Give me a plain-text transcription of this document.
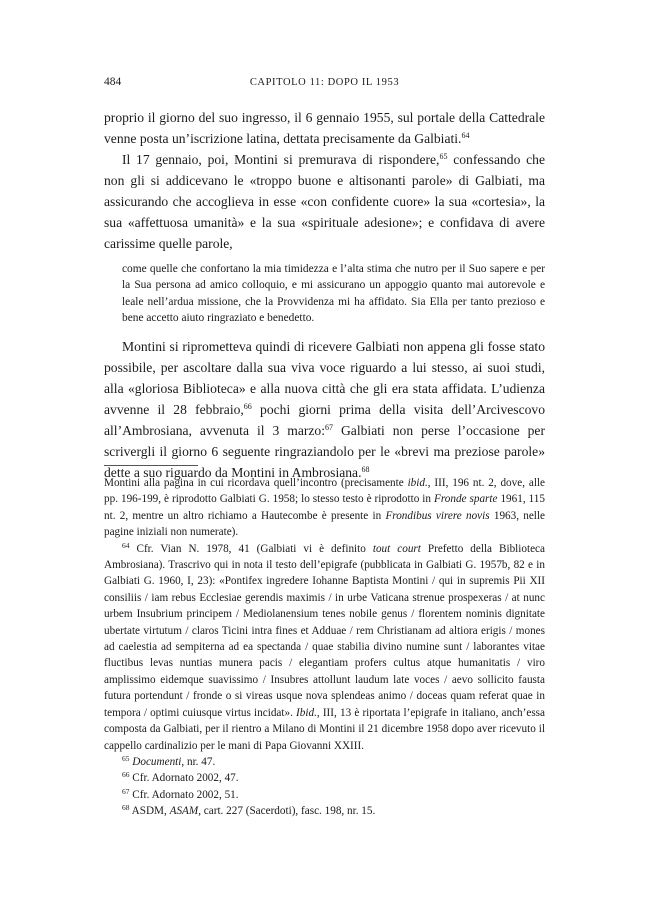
484	CAPITOLO 11: DOPO IL 1953

proprio il giorno del suo ingresso, il 6 gennaio 1955, sul portale della Cattedrale venne posta un’iscrizione latina, dettata precisamente da Galbiati.$^{64}$

Il 17 gennaio, poi, Montini si premurava di rispondere,$^{65}$ confessando che non gli si addicevano le «troppo buone e altisonanti parole» di Galbiati, ma assicurando che accoglieva in esse «con confidente cuore» la sua «cortesia», la sua «affettuosa umanità» e la sua «spirituale adesione»; e confidava di avere carissime quelle parole,

come quelle che confortano la mia timidezza e l’alta stima che nutro per il Suo sapere e per la Sua persona ad amico colloquio, e mi assicurano un appoggio quanto mai autorevole e leale nell’ardua missione, che la Provvidenza mi ha affidato. Sia Ella per tanto prezioso e bene accetto aiuto ringraziato e benedetto.

Montini si riprometteva quindi di ricevere Galbiati non appena gli fosse stato possibile, per ascoltare dalla sua viva voce riguardo a lui stesso, ai suoi studi, alla «gloriosa Biblioteca» e alla nuova città che gli era stata affidata. L’udienza avvenne il 28 febbraio,$^{66}$ pochi giorni prima della visita dell’Arcivescovo all’Ambrosiana, avvenuta il 3 marzo:$^{67}$ Galbiati non perse l’occasione per scrivergli il giorno 6 seguente ringraziandolo per le «brevi ma preziose parole» dette a suo riguardo da Montini in Ambrosiana.$^{68}$

Montini alla pagina in cui ricordava quell’incontro (precisamente ibid., III, 196 nt. 2, dove, alle pp. 196-199, è riprodotto Galbiati G. 1958; lo stesso testo è riprodotto in Fronde sparte 1961, 115 nt. 2, mentre un altro richiamo a Hautecombe è presente in Frondibus virere novis 1963, nelle pagine iniziali non numerate).

$^{64}$ Cfr. Vian N. 1978, 41 (Galbiati vi è definito tout court Prefetto della Biblioteca Ambrosiana). Trascrivo qui in nota il testo dell’epigrafe (pubblicata in Galbiati G. 1957b, 82 e in Galbiati G. 1960, I, 23): «Pontifex ingredere Iohanne Baptista Montini / qui in supremis Pii XII consiliis / iam rebus Ecclesiae gerendis maximis / in urbe Vaticana strenue prospexeras / at nunc urbem Insubrium principem / Mediolanensium tenes nobile genus / florentem nominis dignitate ubertate virtutum / claros Ticini intra fines et Adduae / rem Christianam ad altiora erigis / mones ad caelestia ad sempiterna ad ea spectanda / quae stabilia divino numine sunt / laborantes vitae fluctibus levas nuntias munera pacis / elegantiam profers cultus atque humanitatis / viro amplissimo eidemque suavissimo / Insubres attollunt laudum late voces / aevo sollicito fausta futura portendunt / fronde o si vireas usque nova splendeas animo / doceas quam referat quae in tempora / optimi cuiusque virtus incidat». Ibid., III, 13 è riportata l’epigrafe in italiano, anch’essa composta da Galbiati, per il rientro a Milano di Montini il 21 dicembre 1958 dopo aver ricevuto il cappello cardinalizio per le mani di Papa Giovanni XXIII.

$^{65}$ Documenti, nr. 47.

$^{66}$ Cfr. Adornato 2002, 47.

$^{67}$ Cfr. Adornato 2002, 51.

$^{68}$ ASDM, ASAM, cart. 227 (Sacerdoti), fasc. 198, nr. 15.
